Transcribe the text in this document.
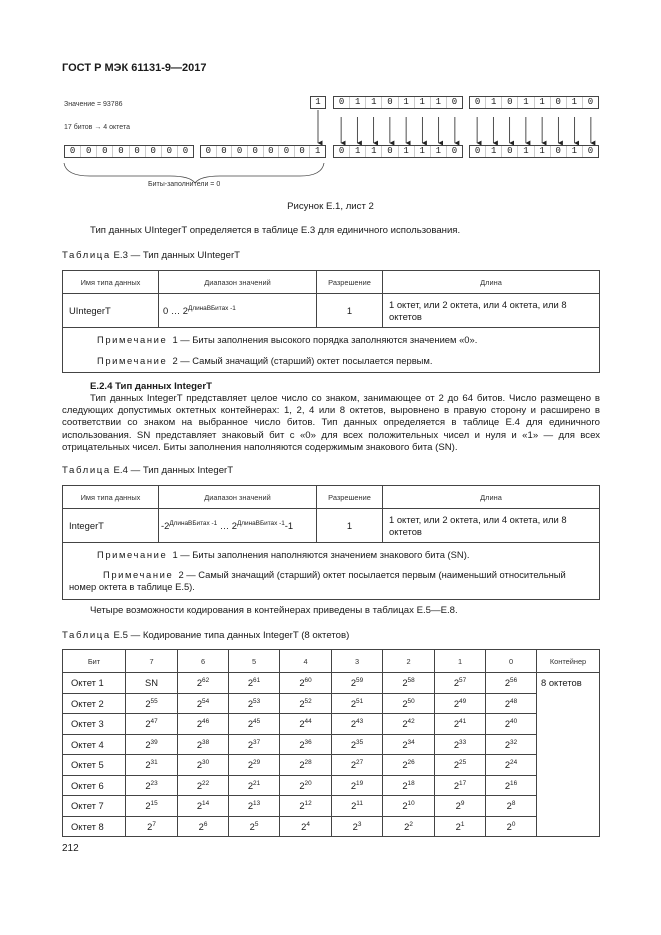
ГОСТ Р МЭК 61131-9—2017
Значение = 93786
17 битов → 4 октета
1	0	1	1	0	1	1	1	0	0	1	0	1	1	0	1	0
0	0	0	0	0	0	0	0	0	0	0	0	0	0	0	1	0	1	1	0	1	1	1	0	0	1	0	1	1	0	1	0
Биты-заполнители = 0
Рисунок Е.1, лист 2
Тип данных UIntegerT определяется в таблице Е.3 для единичного использования.
Таблица Е.3 — Тип данных UIntegerT
Имя типа данных	Диапазон значений	Разрешение	Длина
UIntegerT	0 … $2^{ДлинаВБитах -1}$	1	1 октет, или 2 октета, или 4 октета, или 8 октетов

Примечание 1 — Биты заполнения высокого порядка заполняются значением «0».
Примечание 2 — Самый значащий (старший) октет посылается первым.			
Е.2.4 Тип данных IntegerT
Тип данных IntegerT представляет целое число со знаком, занимающее от 2 до 64 битов. Число размещено в следующих допустимых октетных контейнерах: 1, 2, 4 или 8 октетов, выровнено в правую сторону и расширено в соответствии со знаком на выбранное число битов. Тип данных определяется в таблице Е.4 для единичного использования. SN представляет знаковый бит с «0» для всех положительных чисел и нуля и «1» — для всех отрицательных чисел. Биты заполнения наполняются содержимым знакового бита (SN).
Таблица Е.4 — Тип данных IntegerT
Имя типа данных	Диапазон значений	Разрешение	Длина
IntegerT	$-2^{ДлинаВБитах -1}$ … $2^{ДлинаВБитах -1}-1$	1	1 октет, или 2 октета, или 4 октета, или 8 октетов

Примечание 1 — Биты заполнения наполняются значением знакового бита (SN).
Примечание 2 — Самый значащий (старший) октет посылается первым (наименьший относительный номер октета в таблице Е.5).			
Четыре возможности кодирования в контейнерах приведены в таблицах Е.5—Е.8.
Таблица Е.5 — Кодирование типа данных IntegerT (8 октетов)
Бит	7	6	5	4	3	2	1	0	Контейнер
Октет 1	SN	$2^{62}$	$2^{61}$	$2^{60}$	$2^{59}$	$2^{58}$	$2^{57}$	$2^{56}$	8 октетов
Октет 2	$2^{55}$	$2^{54}$	$2^{53}$	$2^{52}$	$2^{51}$	$2^{50}$	$2^{49}$	$2^{48}$
Октет 3	$2^{47}$	$2^{46}$	$2^{45}$	$2^{44}$	$2^{43}$	$2^{42}$	$2^{41}$	$2^{40}$
Октет 4	$2^{39}$	$2^{38}$	$2^{37}$	$2^{36}$	$2^{35}$	$2^{34}$	$2^{33}$	$2^{32}$
Октет 5	$2^{31}$	$2^{30}$	$2^{29}$	$2^{28}$	$2^{27}$	$2^{26}$	$2^{25}$	$2^{24}$
Октет 6	$2^{23}$	$2^{22}$	$2^{21}$	$2^{20}$	$2^{19}$	$2^{18}$	$2^{17}$	$2^{16}$
Октет 7	$2^{15}$	$2^{14}$	$2^{13}$	$2^{12}$	$2^{11}$	$2^{10}$	$2^9$	$2^8$
Октет 8	$2^7$	$2^6$	$2^5$	$2^4$	$2^3$	$2^2$	$2^1$	$2^0$
212
